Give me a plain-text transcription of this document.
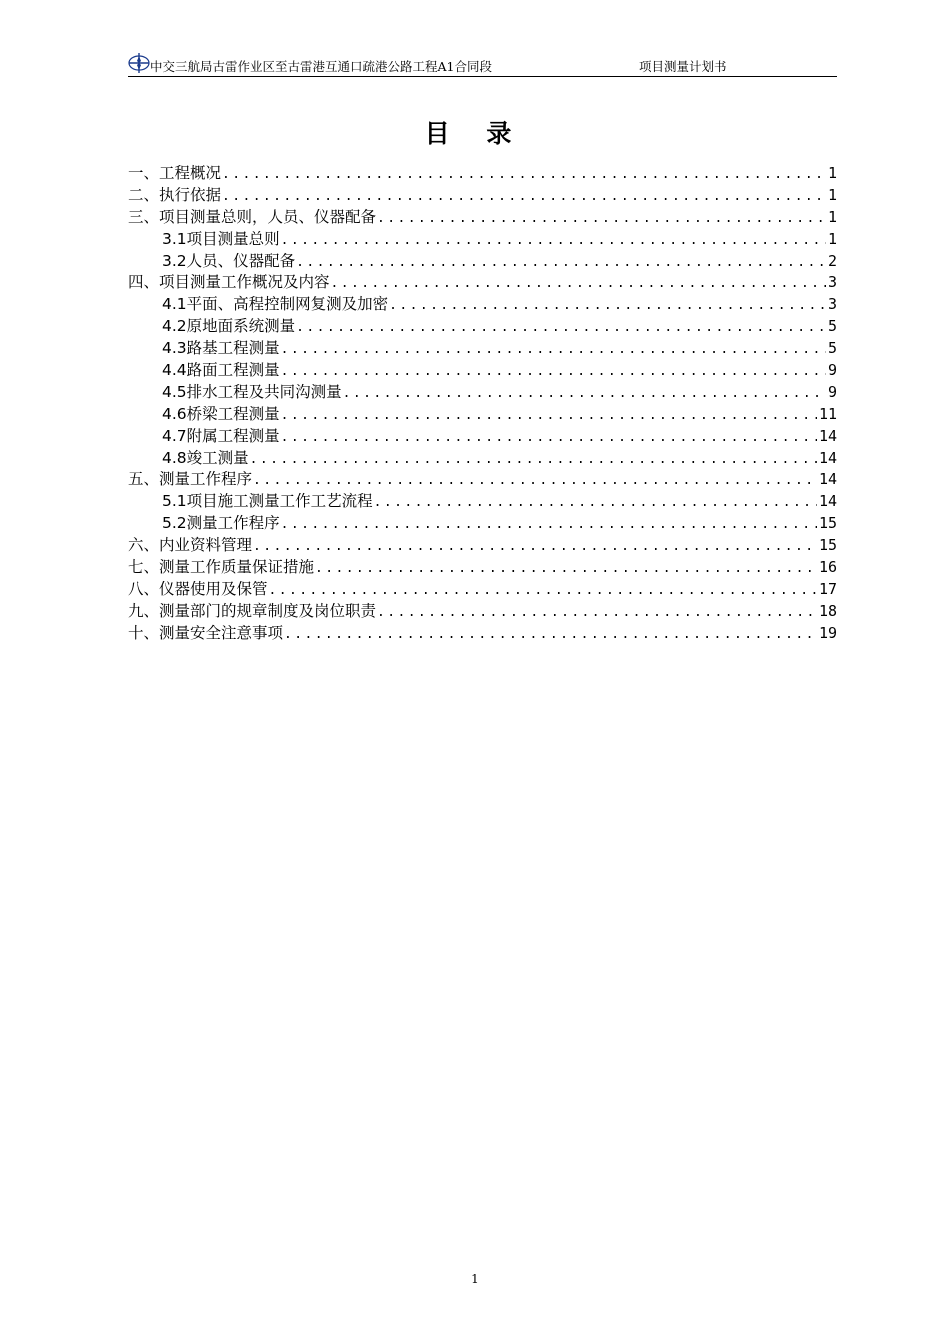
中交三航局古雷作业区至古雷港互通口疏港公路工程A1合同段	项目测量计划书
目 录
一、工程概况 .....	1
二、执行依据 .....	1
三、项目测量总则，人员、仪器配备 .....	1
3.1项目测量总则 .....	1
3.2人员、仪器配备 .....	2
四、项目测量工作概况及内容 .....	3
4.1平面、高程控制网复测及加密 .....	3
4.2原地面系统测量 .....	5
4.3路基工程测量 .....	5
4.4路面工程测量 .....	9
4.5排水工程及共同沟测量 .....	9
4.6桥梁工程测量 .....	11
4.7附属工程测量 .....	14
4.8竣工测量 .....	14
五、测量工作程序 .....	14
5.1项目施工测量工作工艺流程 .....	14
5.2测量工作程序 .....	15
六、内业资料管理 .....	15
七、测量工作质量保证措施 .....	16
八、仪器使用及保管 .....	17
九、测量部门的规章制度及岗位职责 .....	18
十、测量安全注意事项 .....	19
1
